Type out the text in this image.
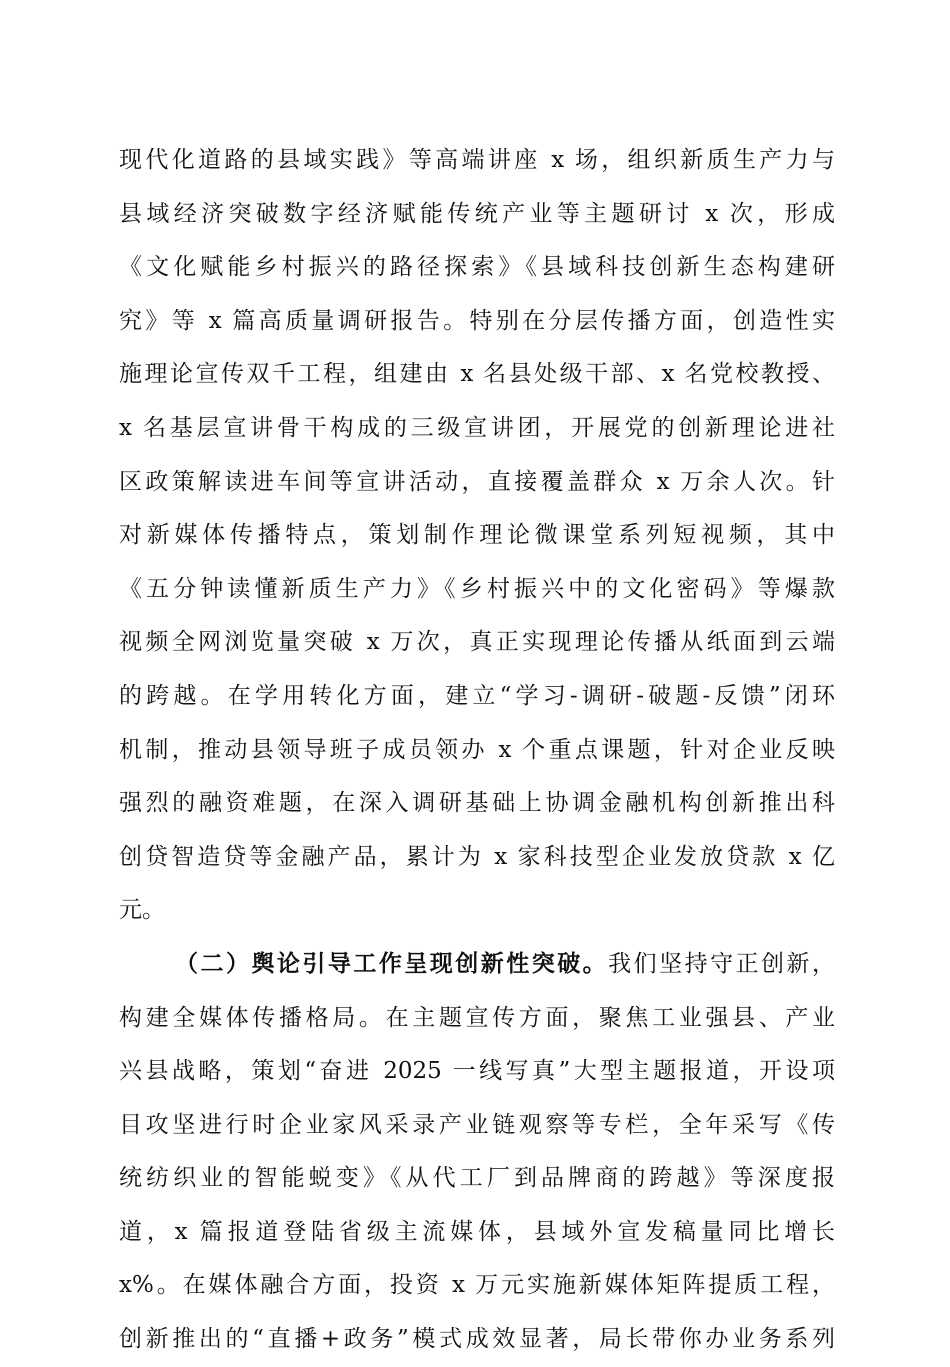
现代化道路的县域实践》等高端讲座 x 场，组织新质生产力与
县域经济突破数字经济赋能传统产业等主题研讨 x 次，形成
《文化赋能乡村振兴的路径探索》《县域科技创新生态构建研
究》等 x 篇高质量调研报告。特别在分层传播方面，创造性实
施理论宣传双千工程，组建由 x 名县处级干部、x 名党校教授、
x 名基层宣讲骨干构成的三级宣讲团，开展党的创新理论进社
区政策解读进车间等宣讲活动，直接覆盖群众 x 万余人次。针
对新媒体传播特点，策划制作理论微课堂系列短视频，其中
《五分钟读懂新质生产力》《乡村振兴中的文化密码》等爆款
视频全网浏览量突破 x 万次，真正实现理论传播从纸面到云端
的跨越。在学用转化方面，建立“学习-调研-破题-反馈”闭环
机制，推动县领导班子成员领办 x 个重点课题，针对企业反映
强烈的融资难题，在深入调研基础上协调金融机构创新推出科
创贷智造贷等金融产品，累计为 x 家科技型企业发放贷款 x 亿
元。
（二）舆论引导工作呈现创新性突破。我们坚持守正创新，
构建全媒体传播格局。在主题宣传方面，聚焦工业强县、产业
兴县战略，策划“奋进 2025 一线写真”大型主题报道，开设项
目攻坚进行时企业家风采录产业链观察等专栏，全年采写《传
统纺织业的智能蜕变》《从代工厂到品牌商的跨越》等深度报
道，x 篇报道登陆省级主流媒体，县域外宣发稿量同比增长
x%。在媒体融合方面，投资 x 万元实施新媒体矩阵提质工程，
创新推出的“直播+政务”模式成效显著，局长带你办业务系列
